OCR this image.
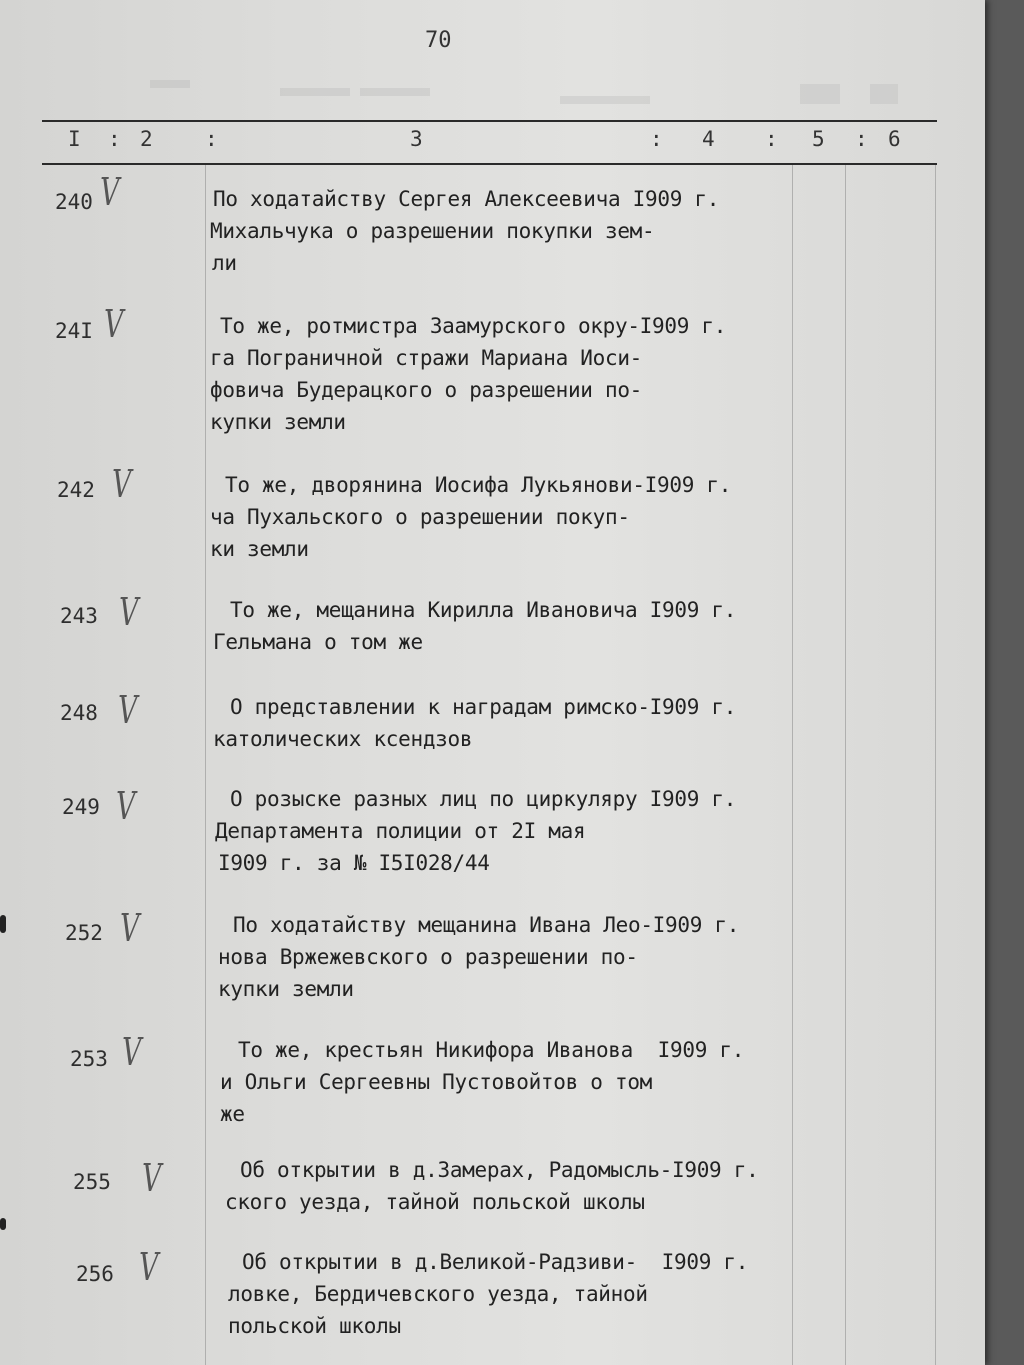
70
I : 2 :	3	: 4 : 5 : 6
240 V	По ходатайству Сергея Алексеевича I909 г.
Михальчука о разрешении покупки зем-
ли
24I V	То же, ротмистра Заамурского окру-I909 г.
га Пограничной стражи Мариана Иоси-
фовича Будерацкого о разрешении по-
купки земли
242 V	То же, дворянина Иосифа Лукьянови-I909 г.
ча Пухальского о разрешении покуп-
ки земли
243 V	То же, мещанина Кирилла Ивановича I909 г.
Гельмана о том же
248 V	О представлении к наградам римско-I909 г.
католических ксендзов
249 V	О розыске разных лиц по циркуляру I909 г.
Департамента полиции от 2I мая
I909 г. за № I5I028/44
252 V	По ходатайству мещанина Ивана Лео-I909 г.
нова Вржежевского о разрешении по-
купки земли
253 V	То же, крестьян Никифора Иванова  I909 г.
и Ольги Сергеевны Пустовойтов о том
же
255 V	Об открытии в д.Замерах, Радомысль-I909 г.
ского уезда, тайной польской школы
256 V	Об открытии в д.Великой-Радзиви-  I909 г.
ловке, Бердичевского уезда, тайной
польской школы
